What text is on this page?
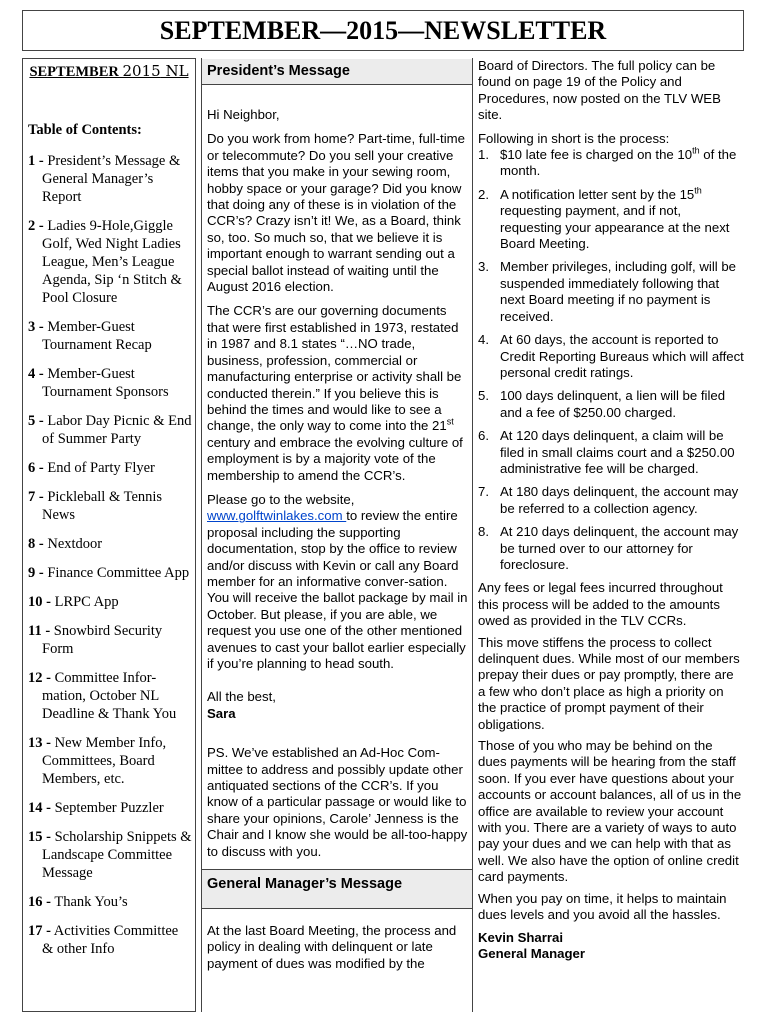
SEPTEMBER—2015—NEWSLETTER
SEPTEMBER 2015 NL
Table of Contents:
1 - President’s Message & General Manager’s Report
2 - Ladies 9-Hole,Giggle Golf, Wed Night Ladies League, Men’s League Agenda, Sip ‘n Stitch & Pool Closure
3 - Member-Guest Tournament Recap
4 - Member-Guest Tournament Sponsors
5 - Labor Day Picnic & End of Summer Party
6 - End of Party Flyer
7 - Pickleball & Tennis News
8 - Nextdoor
9 - Finance Committee App
10 - LRPC App
11 - Snowbird Security Form
12 - Committee Infor-mation, October NL Deadline & Thank You
13 - New Member Info, Committees, Board Members, etc.
14 - September Puzzler
15 - Scholarship Snippets & Landscape Committee Message
16 - Thank You’s
17 - Activities Committee & other Info
President’s Message

Hi Neighbor,

Do you work from home? Part-time, full-time or telecommute? Do you sell your creative items that you make in your sewing room, hobby space or your garage? Did you know that doing any of these is in violation of the CCR’s? Crazy isn’t it! We, as a Board, think so, too. So much so, that we believe it is important enough to warrant sending out a special ballot instead of waiting until the August 2016 election.

The CCR’s are our governing documents that were first established in 1973, restated in 1987 and 8.1 states “…NO trade, business, profession, commercial or manufacturing enterprise or activity shall be conducted therein.” If you believe this is behind the times and would like to see a change, the only way to come into the 21st century and embrace the evolving culture of employment is by a majority vote of the membership to amend the CCR’s.

Please go to the website, www.golftwinlakes.com to review the entire proposal including the supporting documentation, stop by the office to review and/or discuss with Kevin or call any Board member for an informative conver-sation. You will receive the ballot package by mail in October. But please, if you are able, we request you use one of the other mentioned avenues to cast your ballot earlier especially if you’re planning to head south.

All the best,
Sara

PS. We’ve established an Ad-Hoc Com-mittee to address and possibly update other antiquated sections of the CCR’s. If you know of a particular passage or would like to share your opinions, Carole’ Jenness is the Chair and I know she would be all-too-happy to discuss with you.

General Manager’s Message

At the last Board Meeting, the process and policy in dealing with delinquent or late payment of dues was modified by the

Board of Directors. The full policy can be found on page 19 of the Policy and Procedures, now posted on the TLV WEB site.

Following in short is the process:

1. $10 late fee is charged on the 10th of the month.
2. A notification letter sent by the 15th requesting payment, and if not, requesting your appearance at the next Board Meeting.
3. Member privileges, including golf, will be suspended immediately following that next Board meeting if no payment is received.
4. At 60 days, the account is reported to Credit Reporting Bureaus which will affect personal credit ratings.
5. 100 days delinquent, a lien will be filed and a fee of $250.00 charged.
6. At 120 days delinquent, a claim will be filed in small claims court and a $250.00 administrative fee will be charged.
7. At 180 days delinquent, the account may be referred to a collection agency.
8. At 210 days delinquent, the account may be turned over to our attorney for foreclosure.

Any fees or legal fees incurred throughout this process will be added to the amounts owed as provided in the TLV CCRs.

This move stiffens the process to collect delinquent dues. While most of our members prepay their dues or pay promptly, there are a few who don’t place as high a priority on the practice of prompt payment of their obligations.

Those of you who may be behind on the dues payments will be hearing from the staff soon. If you ever have questions about your accounts or account balances, all of us in the office are available to review your account with you. There are a variety of ways to auto pay your dues and we can help with that as well. We also have the option of online credit card payments.

When you pay on time, it helps to maintain dues levels and you avoid all the hassles.

Kevin Sharrai
General Manager
